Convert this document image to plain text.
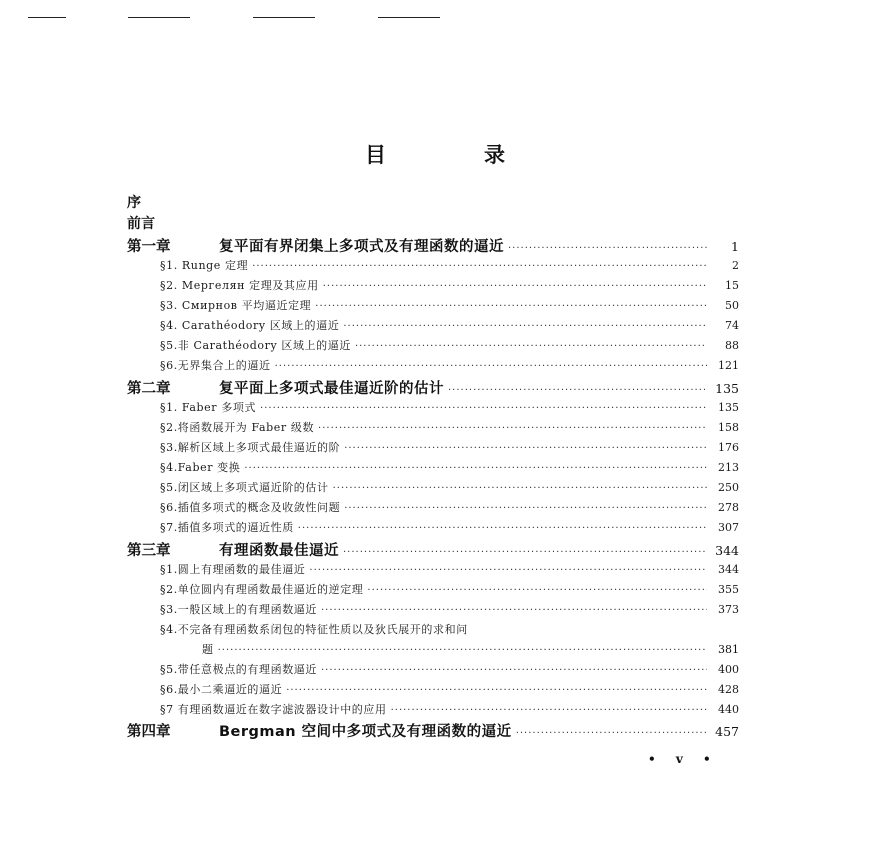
目	录
序
前言
第一章	复平面有界闭集上多项式及有理函数的逼近 ·····	1
§1. Runge 定理 ·····	2
§2. Мергелян 定理及其应用 ·····	15
§3. Смирнов 平均逼近定理 ·····	50
§4. Carathéodory 区域上的逼近 ·····	74
§5.非 Carathéodory 区域上的逼近 ·····	88
§6.无界集合上的逼近 ·····	121
第二章	复平面上多项式最佳逼近阶的估计 ·····	135
§1. Faber 多项式 ·····	135
§2.将函数展开为 Faber 级数 ·····	158
§3.解析区域上多项式最佳逼近的阶 ·····	176
§4.Faber 变换 ·····	213
§5.闭区域上多项式逼近阶的估计 ·····	250
§6.插值多项式的概念及收敛性问题 ·····	278
§7.插值多项式的逼近性质 ·····	307
第三章	有理函数最佳逼近 ·····	344
§1.圆上有理函数的最佳逼近 ·····	344
§2.单位圆内有理函数最佳逼近的逆定理 ·····	355
§3.一般区域上的有理函数逼近 ·····	373
§4.不完备有理函数系闭包的特征性质以及狄氏展开的求和问
题 ·····	381
§5.带任意极点的有理函数逼近 ·····	400
§6.最小二乘逼近的逼近 ·····	428
§7 有理函数逼近在数字滤波器设计中的应用 ·····	440
第四章	Bergman 空间中多项式及有理函数的逼近 ·····	457
• v •
